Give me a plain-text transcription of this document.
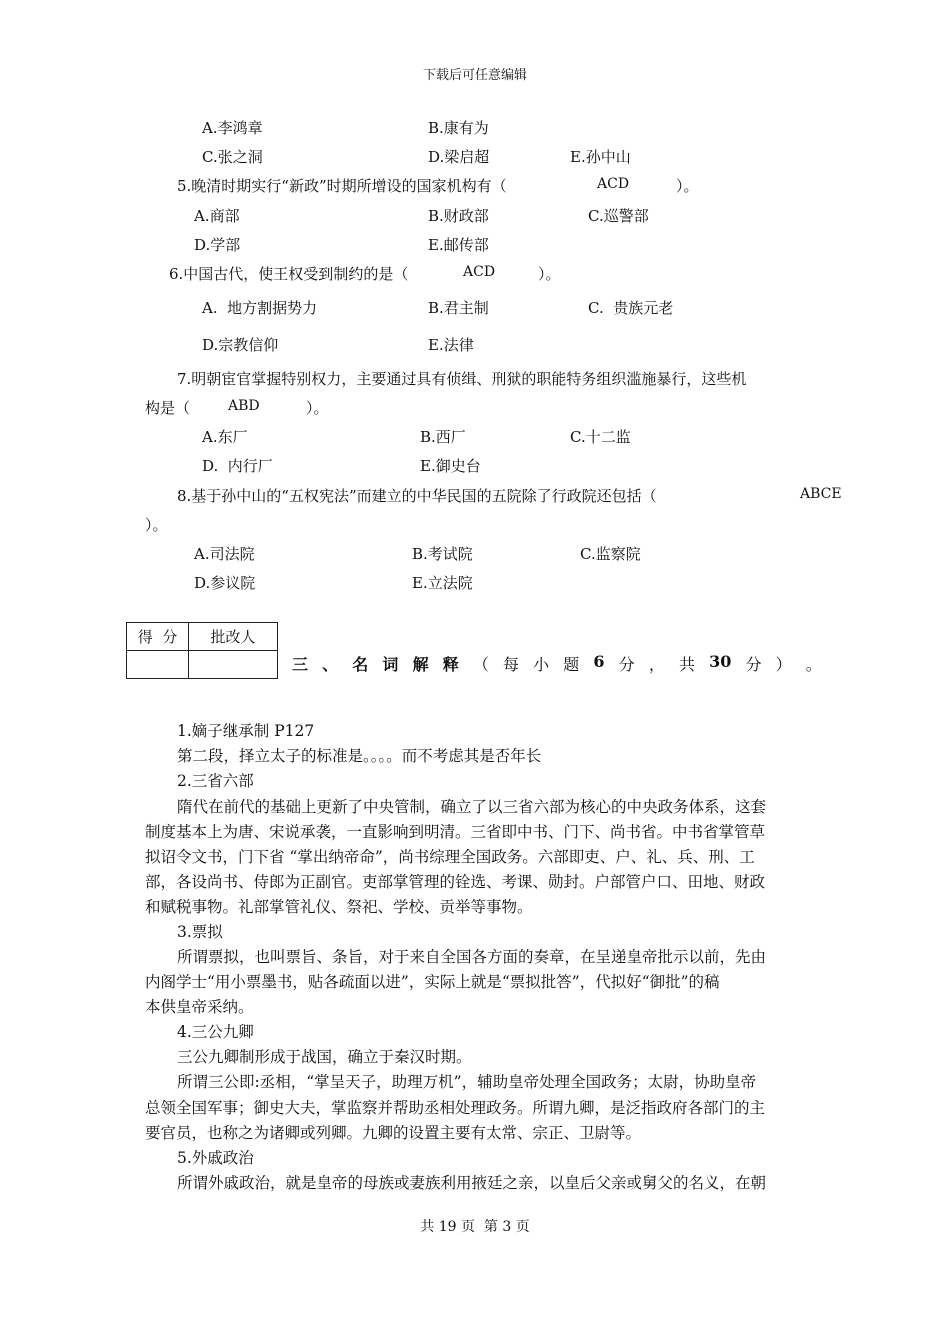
下载后可任意编辑
A.李鸿章	B.康有为
C.张之洞	D.梁启超	E.孙中山
5.晚清时期实行“新政”时期所增设的国家机构有（	ACD	）。
A.商部	B.财政部	C.巡警部
D.学部	E.邮传部
6.中国古代，使王权受到制约的是（	ACD	）。
A.  地方割据势力	B.君主制	C.  贵族元老
D.宗教信仰	E.法律
7.明朝宦官掌握特别权力，主要通过具有侦缉、刑狱的职能特务组织滥施暴行，这些机
构是（	ABD	）。
A.东厂	B.西厂	C.十二监
D.  内行厂	E.御史台
8.基于孙中山的“五权宪法”而建立的中华民国的五院除了行政院还包括（	ABCE
）。
A.司法院	B.考试院	C.监察院
D.参议院	E.立法院
得  分	批改人

三 、 名 词 解 释 （ 每 小 题 6 分 ， 共 30 分 ） 。
1.嫡子继承制 P127
第二段，择立太子的标准是。。。。而不考虑其是否年长
2.三省六部
隋代在前代的基础上更新了中央管制，确立了以三省六部为核心的中央政务体系，这套
制度基本上为唐、宋说承袭，一直影响到明清。三省即中书、门下、尚书省。中书省掌管草
拟诏令文书，门下省 “掌出纳帝命”，尚书综理全国政务。六部即吏、户、礼、兵、刑、工
部，各设尚书、侍郎为正副官。吏部掌管理的铨选、考课、勋封。户部管户口、田地、财政
和赋税事物。礼部掌管礼仪、祭祀、学校、贡举等事物。
3.票拟
所谓票拟，也叫票旨、条旨，对于来自全国各方面的奏章，在呈递皇帝批示以前，先由
内阁学士“用小票墨书，贴各疏面以进”，实际上就是“票拟批答”，代拟好“御批”的稿
本供皇帝采纳。
4.三公九卿
三公九卿制形成于战国，确立于秦汉时期。
所谓三公即:丞相，“掌呈天子，助理万机”，辅助皇帝处理全国政务；太尉，协助皇帝
总领全国军事；御史大夫，掌监察并帮助丞相处理政务。所谓九卿，是泛指政府各部门的主
要官员，也称之为诸卿或列卿。九卿的设置主要有太常、宗正、卫尉等。
5.外戚政治
所谓外戚政治，就是皇帝的母族或妻族利用掖廷之亲，以皇后父亲或舅父的名义，在朝
共 19 页  第 3 页
